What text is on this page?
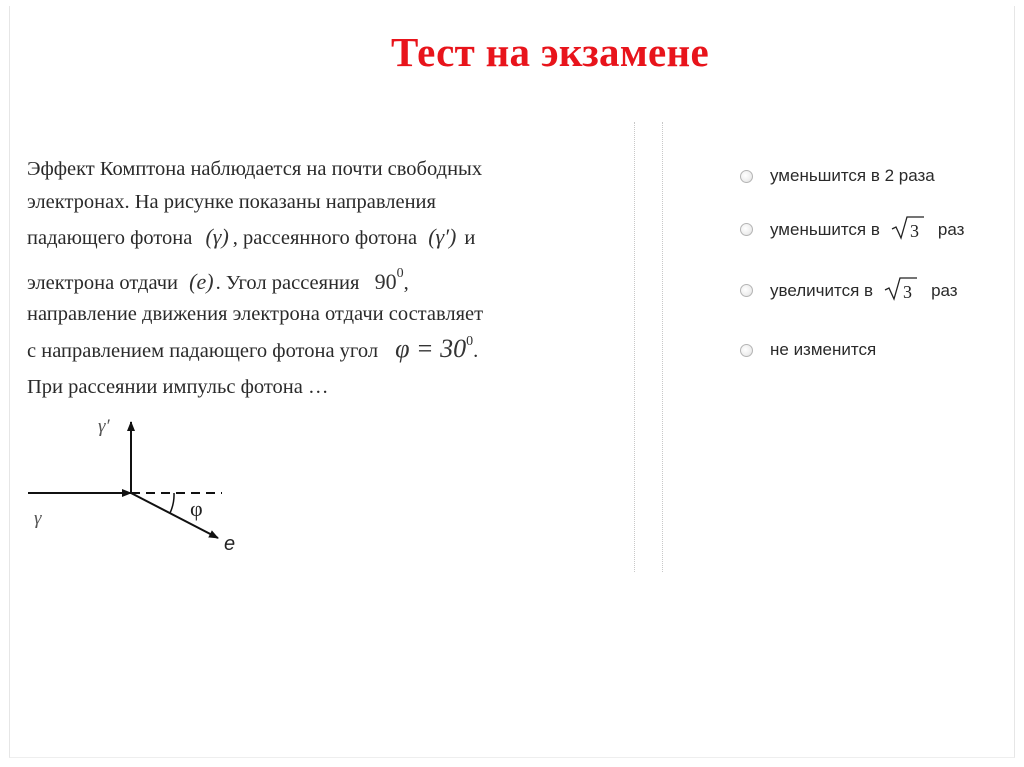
Тест на экзамене
Эффект Комптона наблюдается на почти свободных
электронах. На рисунке показаны направления
падающего фотона (γ) , рассеянного фотона (γ′) и
электрона отдачи (e). Угол рассеяния $90^0$,
направление движения электрона отдачи составляет
с направлением падающего фотона угол $\varphi = 30^0$.
При рассеянии импульс фотона …
γ′
γ	φ
e
уменьшится в 2 раза
уменьшится в 3 раз
увеличится в 3 раз
не изменится
